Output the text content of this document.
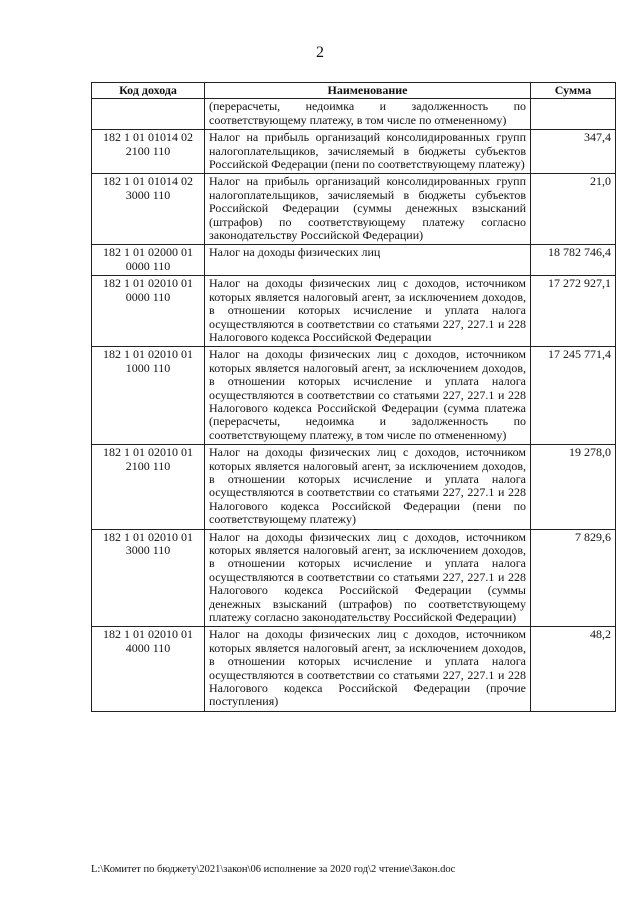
2
Код дохода	Наименование	Сумма
	(перерасчеты, недоимка и задолженность по соответствующему платежу, в том числе по отмененному)	
182 1 01 01014 02 2100 110	Налог на прибыль организаций консолидированных групп налогоплательщиков, зачисляемый в бюджеты субъектов Российской Федерации (пени по соответствующему платежу)	347,4
182 1 01 01014 02 3000 110	Налог на прибыль организаций консолидированных групп налогоплательщиков, зачисляемый в бюджеты субъектов Российской Федерации (суммы денежных взысканий (штрафов) по соответствующему платежу согласно законодательству Российской Федерации)	21,0
182 1 01 02000 01 0000 110	Налог на доходы физических лиц	18 782 746,4
182 1 01 02010 01 0000 110	Налог на доходы физических лиц с доходов, источником которых является налоговый агент, за исключением доходов, в отношении которых исчисление и уплата налога осуществляются в соответствии со статьями 227, 227.1 и 228 Налогового кодекса Российской Федерации	17 272 927,1
182 1 01 02010 01 1000 110	Налог на доходы физических лиц с доходов, источником которых является налоговый агент, за исключением доходов, в отношении которых исчисление и уплата налога осуществляются в соответствии со статьями 227, 227.1 и 228 Налогового кодекса Российской Федерации (сумма платежа (перерасчеты, недоимка и задолженность по соответствующему платежу, в том числе по отмененному)	17 245 771,4
182 1 01 02010 01 2100 110	Налог на доходы физических лиц с доходов, источником которых является налоговый агент, за исключением доходов, в отношении которых исчисление и уплата налога осуществляются в соответствии со статьями 227, 227.1 и 228 Налогового кодекса Российской Федерации (пени по соответствующему платежу)	19 278,0
182 1 01 02010 01 3000 110	Налог на доходы физических лиц с доходов, источником которых является налоговый агент, за исключением доходов, в отношении которых исчисление и уплата налога осуществляются в соответствии со статьями 227, 227.1 и 228 Налогового кодекса Российской Федерации (суммы денежных взысканий (штрафов) по соответствующему платежу согласно законодательству Российской Федерации)	7 829,6
182 1 01 02010 01 4000 110	Налог на доходы физических лиц с доходов, источником которых является налоговый агент, за исключением доходов, в отношении которых исчисление и уплата налога осуществляются в соответствии со статьями 227, 227.1 и 228 Налогового кодекса Российской Федерации (прочие поступления)	48,2
L:\Комитет по бюджету\2021\закон\06 исполнение за 2020 год\2 чтение\Закон.doc
